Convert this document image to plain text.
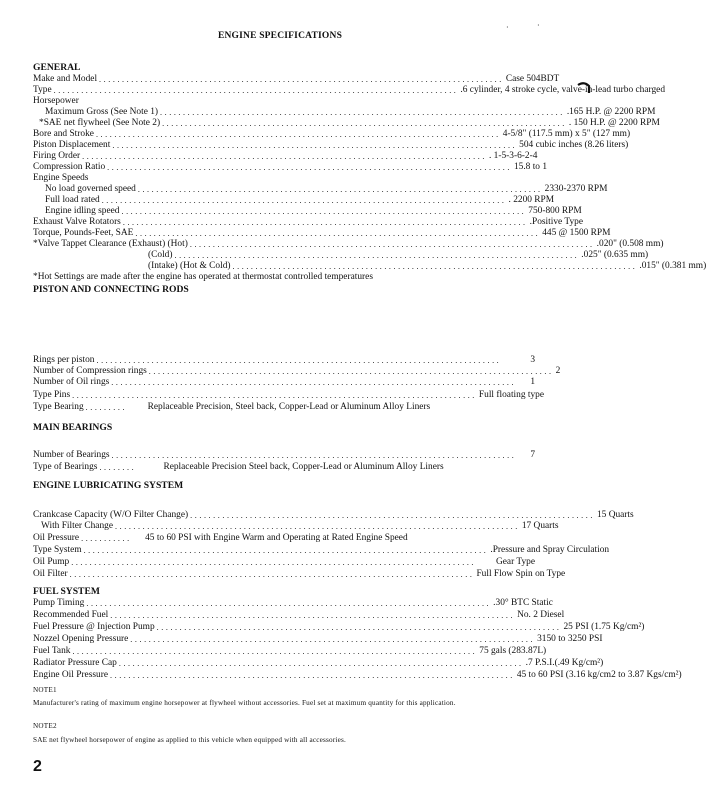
ENGINE SPECIFICATIONS
·	·
GENERAL
Make and Model ........................................................................................ Case 504BDT
Type ........................................................................................ .6 cylinder, 4 stroke cycle, valve-in-lead turbo charged
Horsepower
Maximum Gross (See Note 1) ........................................................................................ .165 H.P. @ 2200 RPM
*SAE net flywheel (See Note 2) ........................................................................................ . 150 H.P. @ 2200 RPM
Bore and Stroke ........................................................................................ 4-5/8" (117.5 mm) x 5" (127 mm)
Piston Displacement ........................................................................................ 504 cubic inches (8.26 liters)
Firing Order ........................................................................................ . 1-5-3-6-2-4
Compression Ratio ........................................................................................ 15.8 to 1
Engine Speeds
No load governed speed ........................................................................................ 2330-2370 RPM
Full load rated ........................................................................................ . 2200 RPM
Engine idling speed ........................................................................................ 750-800 RPM
Exhaust Valve Rotators ........................................................................................ .Positive Type
Torque, Pounds-Feet, SAE ........................................................................................ 445 @ 1500 RPM
*Valve Tappet Clearance (Exhaust) (Hot) ........................................................................................ .020" (0.508 mm)
(Cold) ........................................................................................ .025" (0.635 mm)
(Intake) (Hot & Cold) ........................................................................................ .015" (0.381 mm)
*Hot Settings are made after the engine has operated at thermostat controlled temperatures
PISTON AND CONNECTING RODS
Rings per piston ........................................................................................	3
Number of Compression rings ........................................................................................ 2
Number of Oil rings ........................................................................................	1
Type Pins ........................................................................................ Full floating type
Type Bearing .........	Replaceable Precision, Steel back, Copper-Lead or Aluminum Alloy Liners
MAIN BEARINGS
Number of Bearings ........................................................................................	7
Type of Bearings ........	Replaceable Precision Steel back, Copper-Lead or Aluminum Alloy Liners
ENGINE LUBRICATING SYSTEM
Crankcase Capacity (W/O Filter Change) ........................................................................................ 15 Quarts
With Filter Change ........................................................................................ 17 Quarts
Oil Pressure ...........	45 to 60 PSI with Engine Warm and Operating at Rated Engine Speed
Type System ........................................................................................ .Pressure and Spray Circulation
Oil Pump ........................................................................................	Gear Type
Oil Filter ........................................................................................ Full Flow Spin on Type
FUEL SYSTEM
Pump Timing ........................................................................................ .30° BTC Static
Recommended Fuel ........................................................................................ No. 2 Diesel
Fuel Pressure @ Injection Pump ........................................................................................ 25 PSI (1.75 Kg/cm²)
Nozzel Opening Pressure ........................................................................................ 3150 to 3250 PSI
Fuel Tank ........................................................................................ 75 gals (283.87L)
Radiator Pressure Cap ........................................................................................ .7 P.S.I.(.49 Kg/cm²)
Engine Oil Pressure ........................................................................................ 45 to 60 PSI (3.16 kg/cm2 to 3.87 Kgs/cm²)
NOTE1
Manufacturer's rating of maximum engine horsepower at flywheel without accessories. Fuel set at maximum quantity for this application.
NOTE2
SAE net flywheel horsepower of engine as applied to this vehicle when equipped with all accessories.
2
